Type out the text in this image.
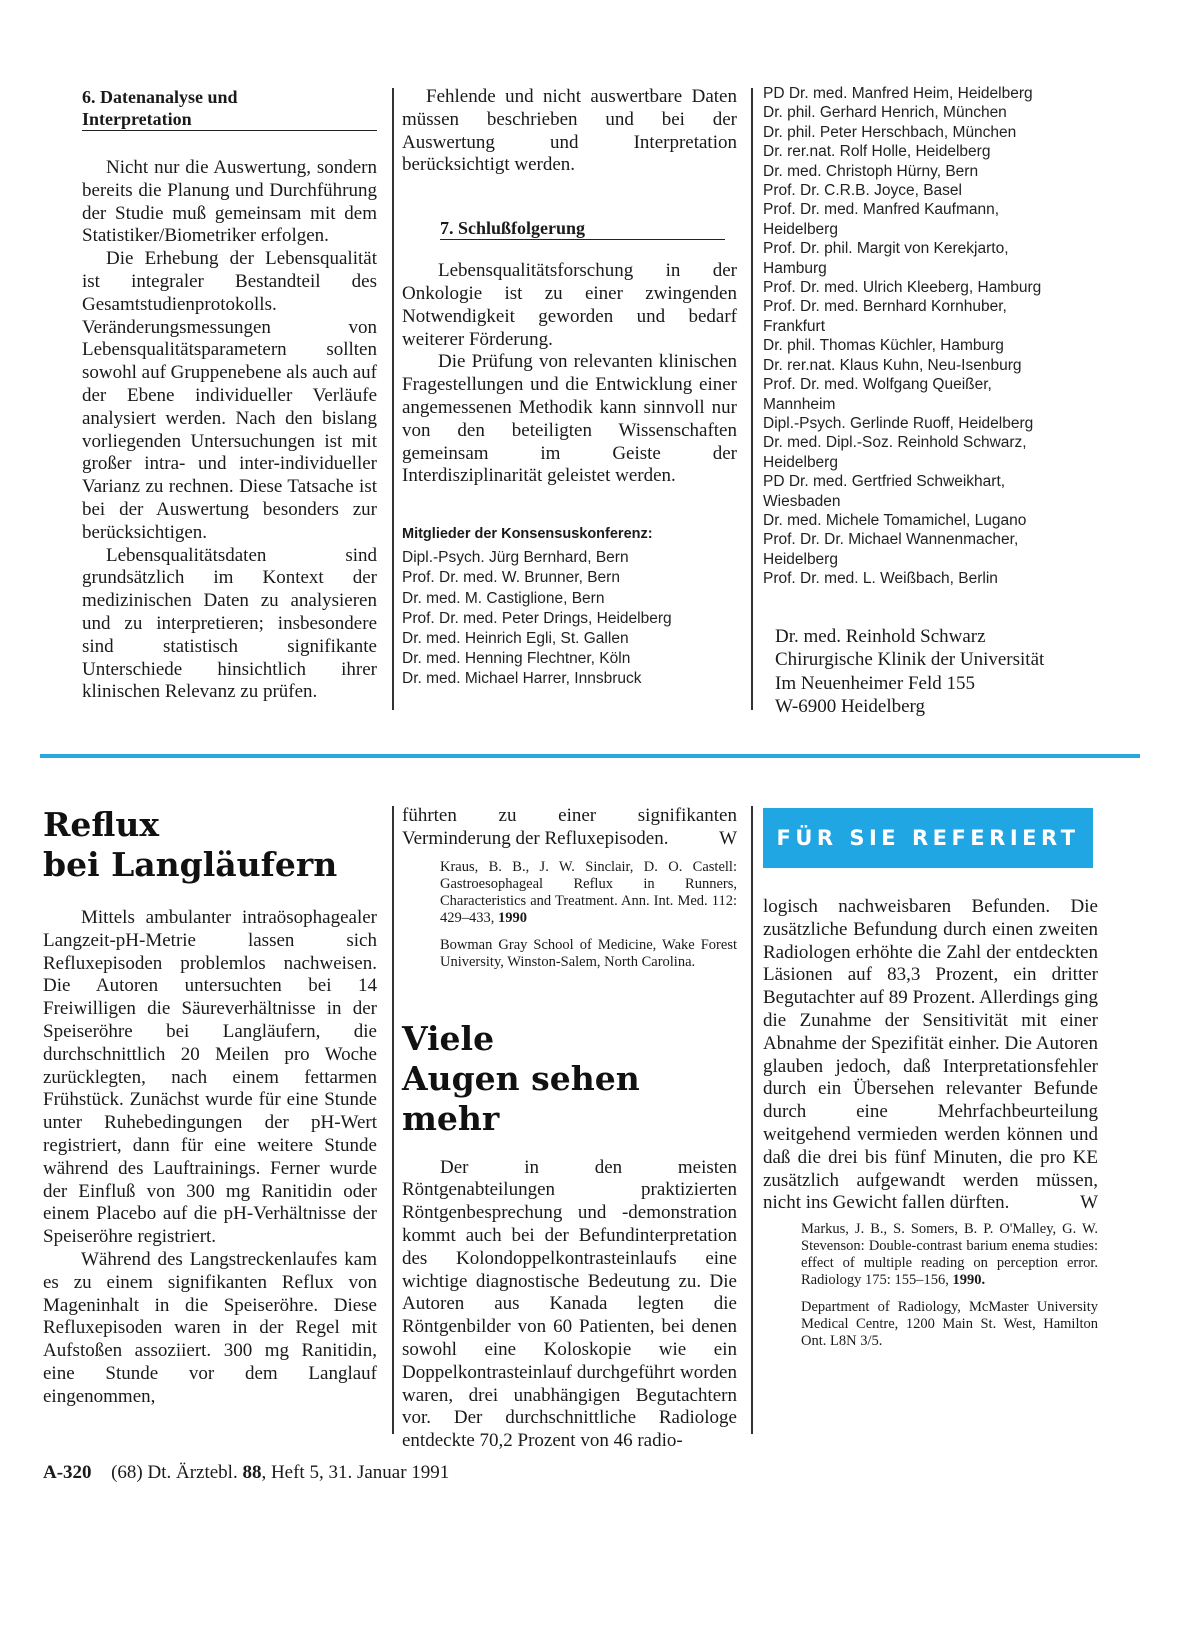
6. Datenanalyse und
Interpretation

Nicht nur die Auswertung, sondern bereits die Planung und Durchführung der Studie muß gemeinsam mit dem Statistiker/Biometriker erfolgen.

Die Erhebung der Lebensqualität ist integraler Bestandteil des Gesamtstudienprotokolls. Veränderungsmessungen von Lebensqualitätsparametern sollten sowohl auf Gruppenebene als auch auf der Ebene individueller Verläufe analysiert werden. Nach den bislang vorliegenden Untersuchungen ist mit großer intra- und inter-individueller Varianz zu rechnen. Diese Tatsache ist bei der Auswertung besonders zur berücksichtigen.

Lebensqualitätsdaten sind grundsätzlich im Kontext der medizinischen Daten zu analysieren und zu interpretieren; insbesondere sind statistisch signifikante Unterschiede hinsichtlich ihrer klinischen Relevanz zu prüfen.

Fehlende und nicht auswertbare Daten müssen beschrieben und bei der Auswertung und Interpretation berücksichtigt werden.

7. Schlußfolgerung

Lebensqualitätsforschung in der Onkologie ist zu einer zwingenden Notwendigkeit geworden und bedarf weiterer Förderung.

Die Prüfung von relevanten klinischen Fragestellungen und die Entwicklung einer angemessenen Methodik kann sinnvoll nur von den beteiligten Wissenschaften gemeinsam im Geiste der Interdisziplinarität geleistet werden.

Mitglieder der Konsensuskonferenz:

Dipl.-Psych. Jürg Bernhard, Bern
Prof. Dr. med. W. Brunner, Bern
Dr. med. M. Castiglione, Bern
Prof. Dr. med. Peter Drings, Heidelberg
Dr. med. Heinrich Egli, St. Gallen
Dr. med. Henning Flechtner, Köln
Dr. med. Michael Harrer, Innsbruck
PD Dr. med. Manfred Heim, Heidelberg
Dr. phil. Gerhard Henrich, München
Dr. phil. Peter Herschbach, München
Dr. rer.nat. Rolf Holle, Heidelberg
Dr. med. Christoph Hürny, Bern
Prof. Dr. C.R.B. Joyce, Basel
Prof. Dr. med. Manfred Kaufmann,
Heidelberg
Prof. Dr. phil. Margit von Kerekjarto,
Hamburg
Prof. Dr. med. Ulrich Kleeberg, Hamburg
Prof. Dr. med. Bernhard Kornhuber,
Frankfurt
Dr. phil. Thomas Küchler, Hamburg
Dr. rer.nat. Klaus Kuhn, Neu-Isenburg
Prof. Dr. med. Wolfgang Queißer,
Mannheim
Dipl.-Psych. Gerlinde Ruoff, Heidelberg
Dr. med. Dipl.-Soz. Reinhold Schwarz,
Heidelberg
PD Dr. med. Gertfried Schweikhart,
Wiesbaden
Dr. med. Michele Tomamichel, Lugano
Prof. Dr. Dr. Michael Wannenmacher,
Heidelberg
Prof. Dr. med. L. Weißbach, Berlin
Dr. med. Reinhold Schwarz
Chirurgische Klinik der Universität
Im Neuenheimer Feld 155
W-6900 Heidelberg
Reflux
bei Langläufern

Mittels ambulanter intraösophagealer Langzeit-pH-Metrie lassen sich Refluxepisoden problemlos nachweisen. Die Autoren untersuchten bei 14 Freiwilligen die Säureverhältnisse in der Speiseröhre bei Langläufern, die durchschnittlich 20 Meilen pro Woche zurücklegten, nach einem fettarmen Frühstück. Zunächst wurde für eine Stunde unter Ruhebedingungen der pH-Wert registriert, dann für eine weitere Stunde während des Lauftrainings. Ferner wurde der Einfluß von 300 mg Ranitidin oder einem Placebo auf die pH-Verhältnisse der Speiseröhre registriert.

Während des Langstreckenlaufes kam es zu einem signifikanten Reflux von Mageninhalt in die Speiseröhre. Diese Refluxepisoden waren in der Regel mit Aufstoßen assoziiert. 300 mg Ranitidin, eine Stunde vor dem Langlauf eingenommen,

führten zu einer signifikanten Verminderung der Refluxepisoden.	W

Kraus, B. B., J. W. Sinclair, D. O. Castell: Gastroesophageal Reflux in Runners, Characteristics and Treatment. Ann. Int. Med. 112: 429–433, 1990

Bowman Gray School of Medicine, Wake Forest University, Winston-Salem, North Carolina.

Viele
Augen sehen mehr

Der in den meisten Röntgenabteilungen praktizierten Röntgenbesprechung und -demonstration kommt auch bei der Befundinterpretation des Kolondoppelkontrasteinlaufs eine wichtige diagnostische Bedeutung zu. Die Autoren aus Kanada legten die Röntgenbilder von 60 Patienten, bei denen sowohl eine Koloskopie wie ein Doppelkontrasteinlauf durchgeführt worden waren, drei unabhängigen Begutachtern vor. Der durchschnittliche Radiologe entdeckte 70,2 Prozent von 46 radio-

FÜR SIE REFERIERT

logisch nachweisbaren Befunden. Die zusätzliche Befundung durch einen zweiten Radiologen erhöhte die Zahl der entdeckten Läsionen auf 83,3 Prozent, ein dritter Begutachter auf 89 Prozent. Allerdings ging die Zunahme der Sensitivität mit einer Abnahme der Spezifität einher. Die Autoren glauben jedoch, daß Interpretationsfehler durch ein Übersehen relevanter Befunde durch eine Mehrfachbeurteilung weitgehend vermieden werden können und daß die drei bis fünf Minuten, die pro KE zusätzlich aufgewandt werden müssen, nicht ins Gewicht fallen dürften.	W

Markus, J. B., S. Somers, B. P. O'Malley, G. W. Stevenson: Double-contrast barium enema studies: effect of multiple reading on perception error. Radiology 175: 155–156, 1990.

Department of Radiology, McMaster University Medical Centre, 1200 Main St. West, Hamilton Ont. L8N 3/5.

A-320 (68) Dt. Ärztebl. 88, Heft 5, 31. Januar 1991
